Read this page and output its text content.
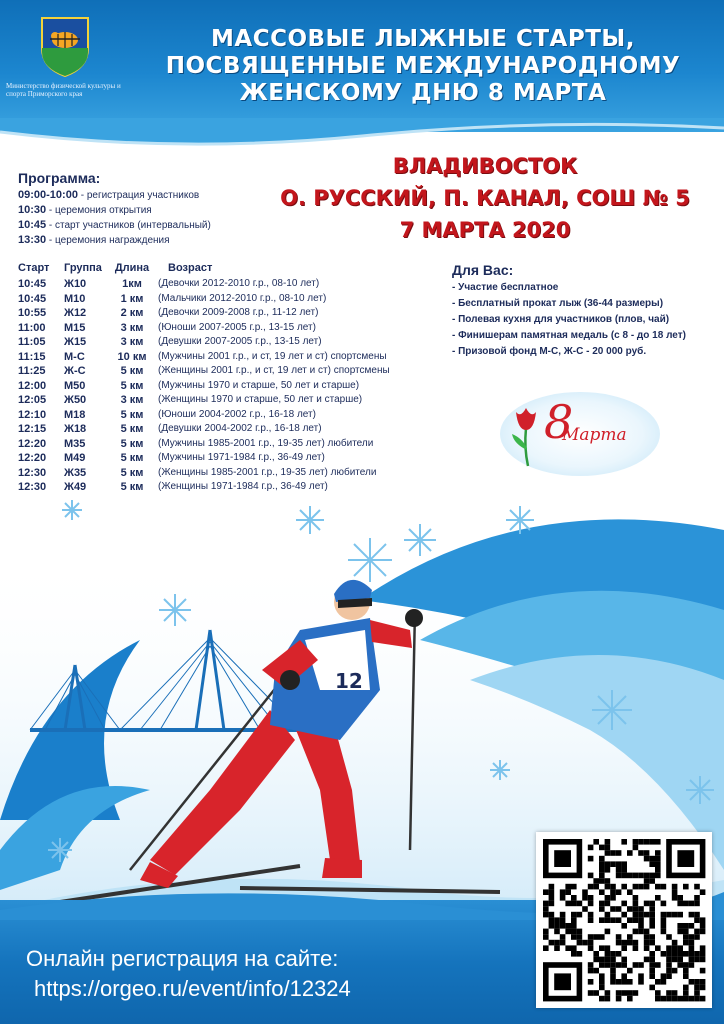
Министерство физической культуры и спорта Приморского края
МАССОВЫЕ ЛЫЖНЫЕ СТАРТЫ,
ПОСВЯЩЕННЫЕ МЕЖДУНАРОДНОМУ
ЖЕНСКОМУ ДНЮ 8 МАРТА
ВЛАДИВОСТОК
О. РУССКИЙ, П. КАНАЛ, СОШ № 5
7 МАРТА 2020
Программа:
09:00-10:00 - регистрация участников
10:30 - церемония открытия
10:45 - старт участников (интервальный)
13:30 - церемония награждения
Старт	Группа	Длина	Возраст
10:45	Ж10	1км	(Девочки 2012-2010 г.р., 08-10 лет)
10:45	М10	1 км	(Мальчики 2012-2010 г.р., 08-10 лет)
10:55	Ж12	2 км	(Девочки 2009-2008 г.р., 11-12 лет)
11:00	М15	3 км	(Юноши 2007-2005 г.р., 13-15 лет)
11:05	Ж15	3 км	(Девушки 2007-2005 г.р., 13-15 лет)
11:15	М-С	10 км	(Мужчины 2001 г.р., и ст, 19 лет и ст) спортсмены
11:25	Ж-С	5 км	(Женщины 2001 г.р., и ст, 19 лет и ст) спортсмены
12:00	М50	5 км	(Мужчины 1970 и старше, 50 лет и старше)
12:05	Ж50	3 км	(Женщины 1970 и старше, 50 лет и старше)
12:10	М18	5 км	(Юноши 2004-2002 г.р., 16-18 лет)
12:15	Ж18	5 км	(Девушки 2004-2002 г.р., 16-18 лет)
12:20	М35	5 км	(Мужчины 1985-2001 г.р., 19-35 лет) любители
12:20	М49	5 км	(Мужчины 1971-1984 г.р., 36-49 лет)
12:30	Ж35	5 км	(Женщины 1985-2001 г.р., 19-35 лет) любители
12:30	Ж49	5 км	(Женщины 1971-1984 г.р., 36-49 лет)
Для Вас:
- Участие бесплатное
- Бесплатный прокат лыж (36-44 размеры)
- Полевая кухня для участников (плов, чай)
- Финишерам памятная медаль (с 8 - до 18 лет)
- Призовой фонд М-С, Ж-С - 20 000 руб.
8
Марта
12
Онлайн регистрация на сайте:
https://orgeo.ru/event/info/12324
